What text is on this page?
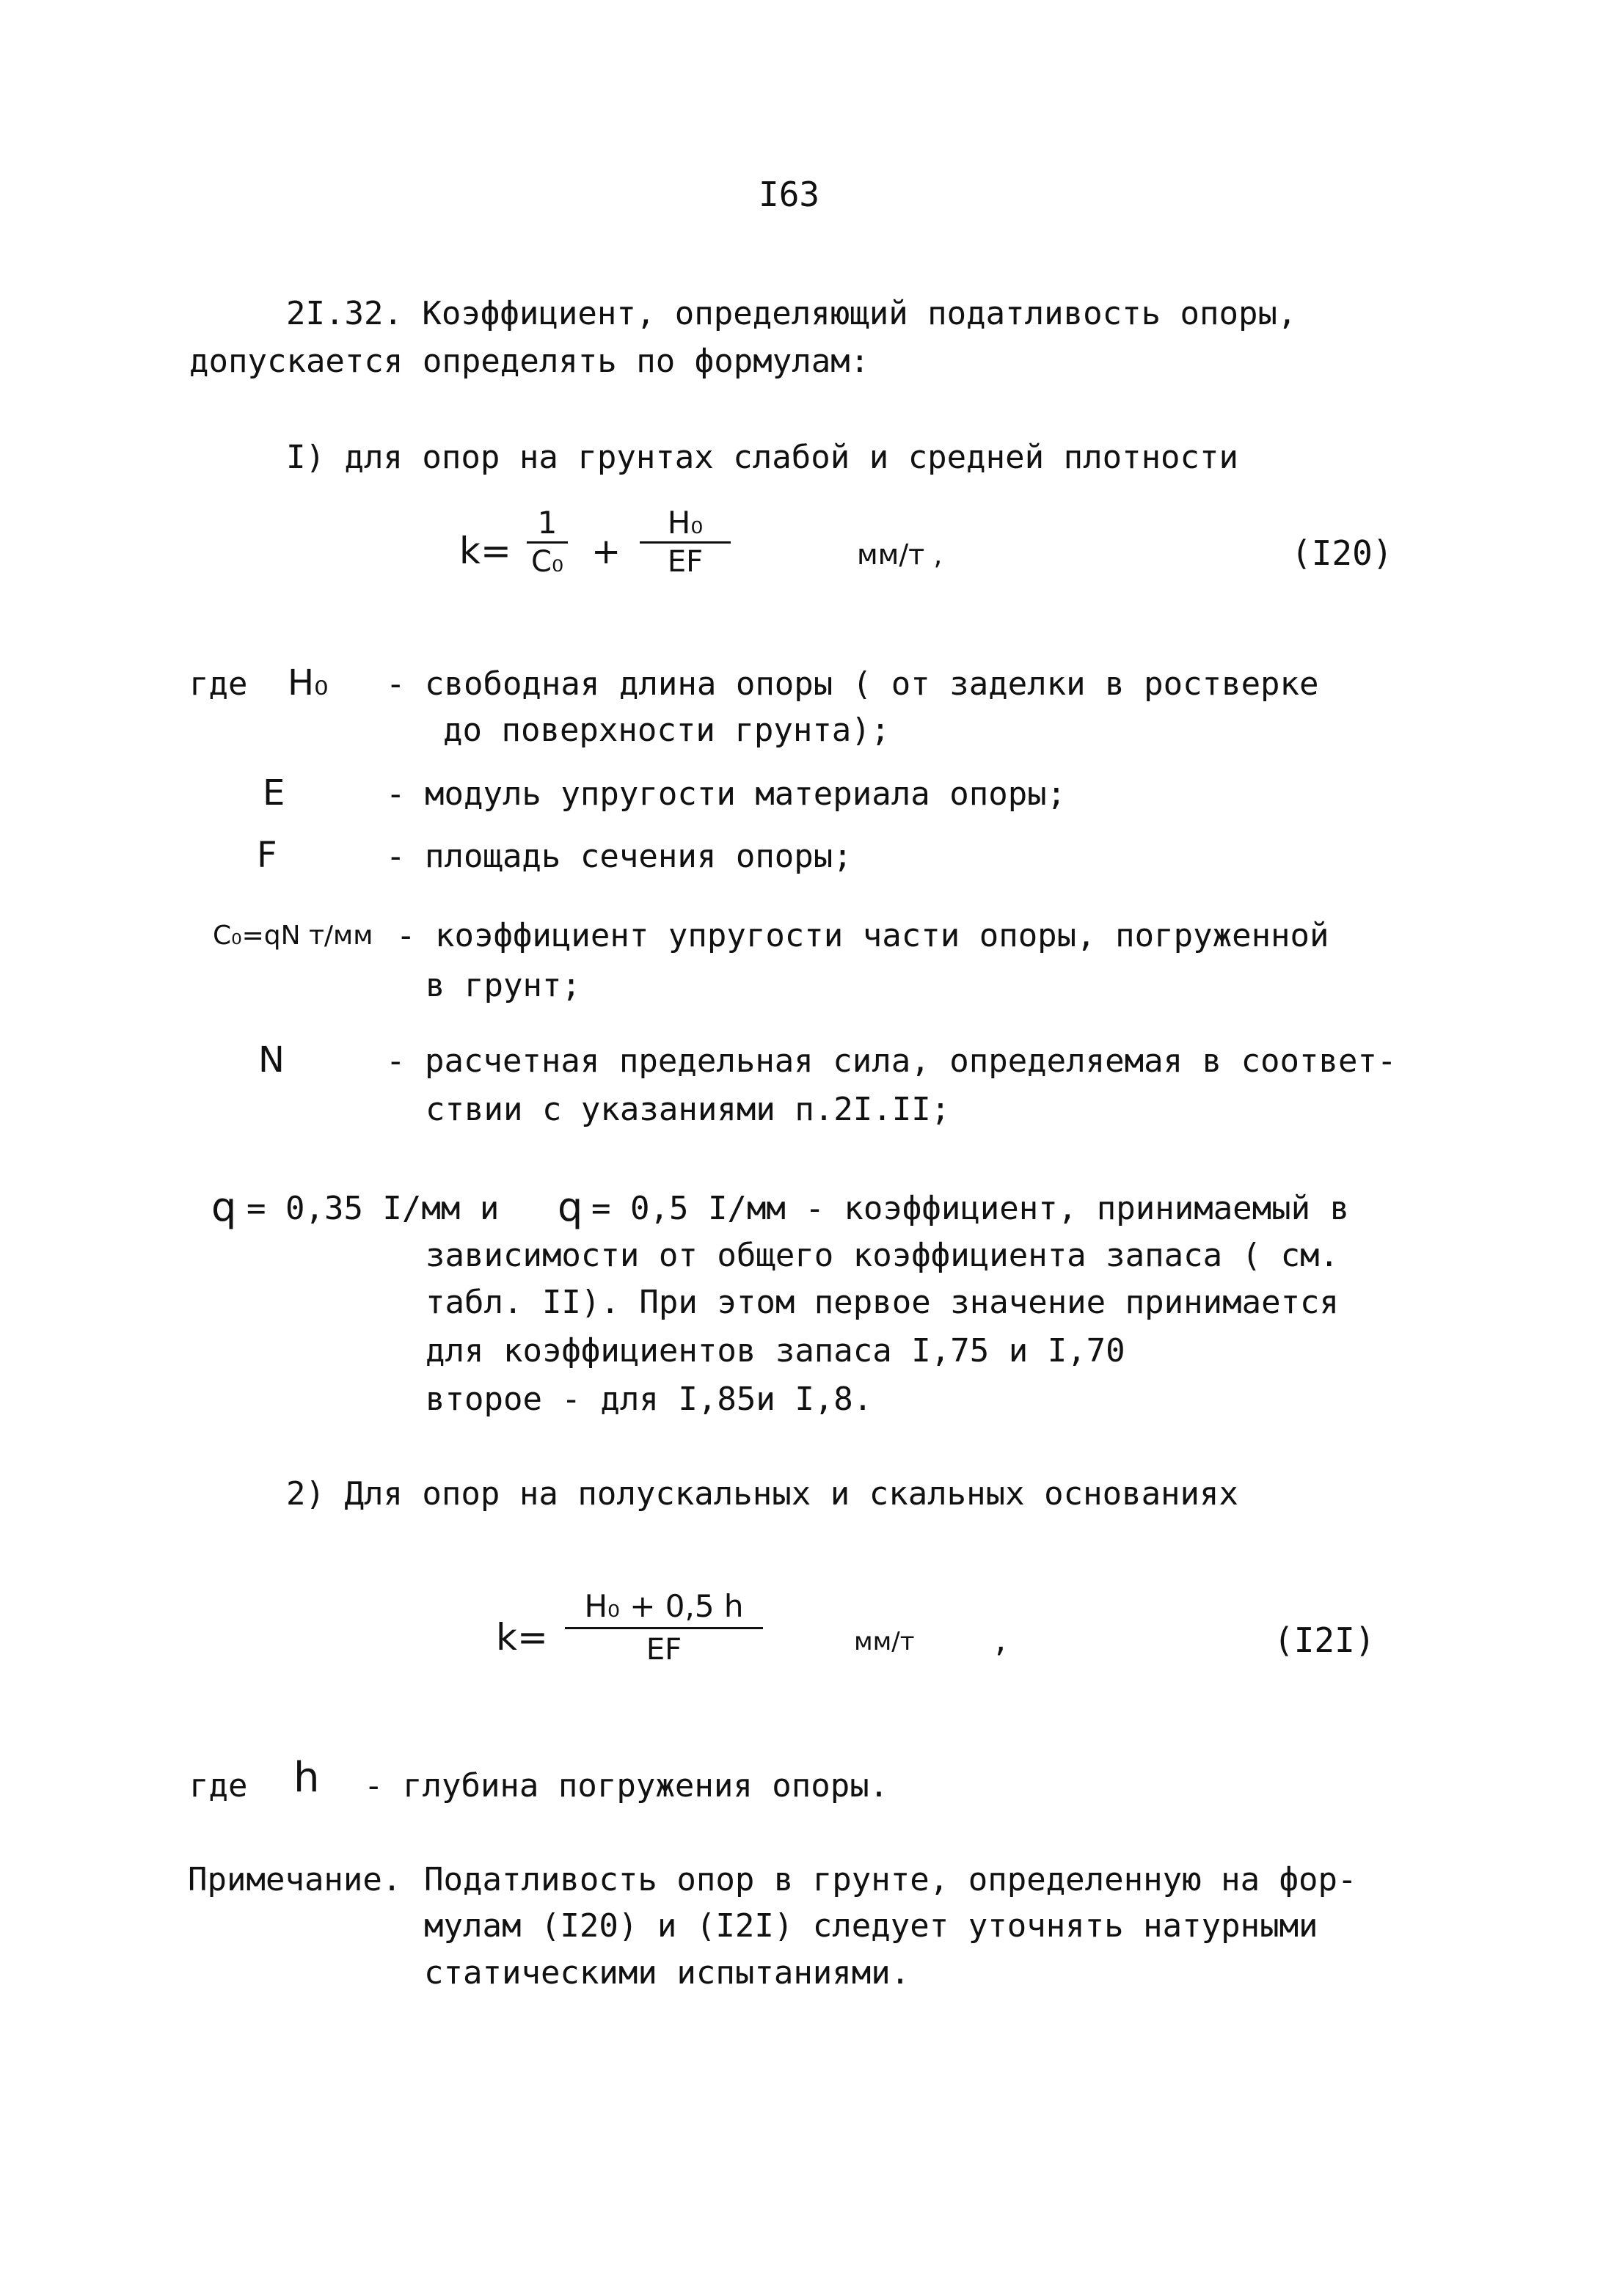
I63
2I.32. Коэффициент, определяющий податливость опоры,
допускается определять по формулам:
I) для опор на грунтах слабой и средней плотности
k=
1
C₀ +
H₀
EF	мм/т ,	(I20)
где H₀ - свободная длина опоры ( от заделки в ростверке
до поверхности грунта);
E	- модуль упругости материала опоры;
F	- площадь сечения опоры;
C₀=qN т/мм - коэффициент упругости части опоры, погруженной
в грунт;
N	- расчетная предельная сила, определяемая в соответ-
ствии с указаниями п.2I.II;
q = 0,35 I/мм и q = 0,5 I/мм - коэффициент, принимаемый в
зависимости от общего коэффициента запаса ( см.
табл. II). При этом первое значение принимается
для коэффициентов запаса I,75 и I,70
второе - для I,85и I,8.
2) Для опор на полускальных и скальных основаниях
k=
H₀ + 0,5 h
EF	мм/т	,	(I2I)
где h - глубина погружения опоры.
Примечание. Податливость опор в грунте, определенную на фор-
мулам (I20) и (I2I) следует уточнять натурными
статическими испытаниями.
